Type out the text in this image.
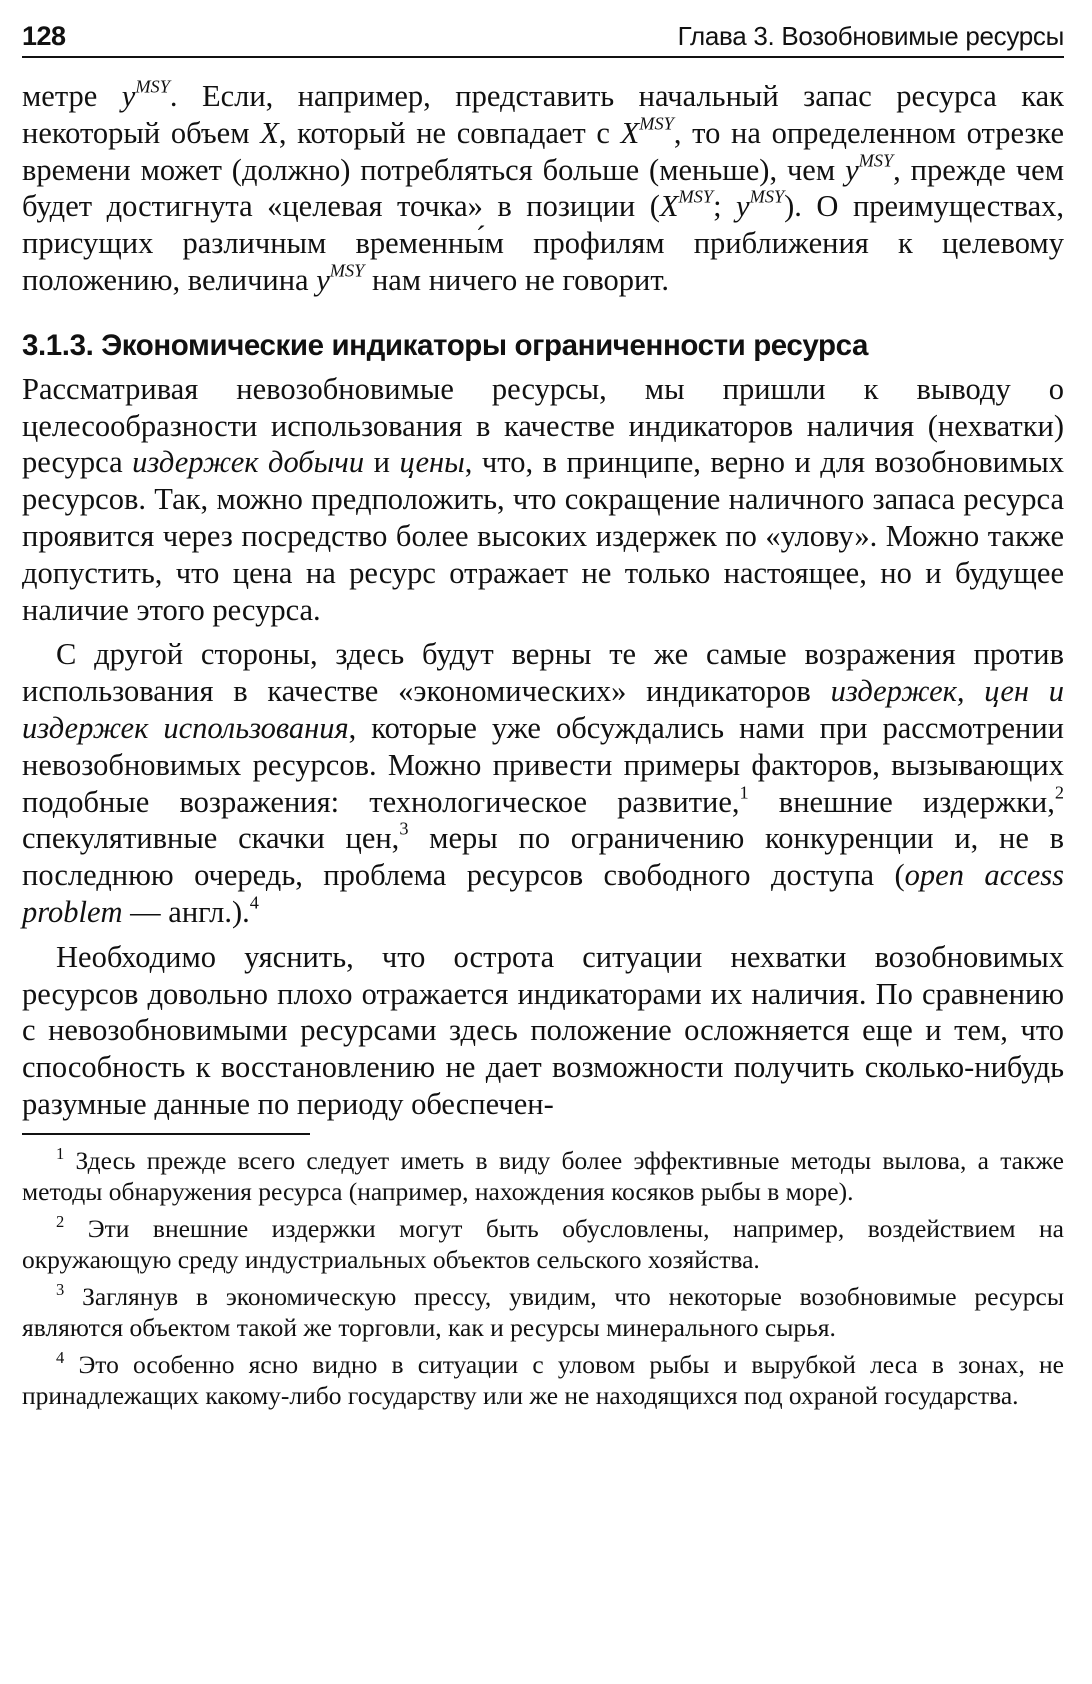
128	Глава 3. Возобновимые ресурсы

метре $y^{MSY}$. Если, например, представить начальный запас ресурса как некоторый объем X, который не совпадает с $X^{MSY}$, то на определенном отрезке времени может (должно) потребляться больше (меньше), чем $y^{MSY}$, прежде чем будет достигнута «целевая точка» в позиции ($X^{MSY}$; $y^{MSY}$). О преимуществах, присущих различным временны́м профилям приближения к целевому положению, величина $y^{MSY}$ нам ничего не говорит.

3.1.3. Экономические индикаторы ограниченности ресурса

Рассматривая невозобновимые ресурсы, мы пришли к выводу о целесообразности использования в качестве индикаторов наличия (нехватки) ресурса издержек добычи и цены, что, в принципе, верно и для возобновимых ресурсов. Так, можно предположить, что сокращение наличного запаса ресурса проявится через посредство более высоких издержек по «улову». Можно также допустить, что цена на ресурс отражает не только настоящее, но и будущее наличие этого ресурса.

С другой стороны, здесь будут верны те же самые возражения против использования в качестве «экономических» индикаторов издержек, цен и издержек использования, которые уже обсуждались нами при рассмотрении невозобновимых ресурсов. Можно привести примеры факторов, вызывающих подобные возражения: технологическое развитие,$^1$ внешние издержки,$^2$ спекулятивные скачки цен,$^3$ меры по ограничению конкуренции и, не в последнюю очередь, проблема ресурсов свободного доступа (open access problem — англ.).$^4$

Необходимо уяснить, что острота ситуации нехватки возобновимых ресурсов довольно плохо отражается индикаторами их наличия. По сравнению с невозобновимыми ресурсами здесь положение осложняется еще и тем, что способность к восстановлению не дает возможности получить сколько-нибудь разумные данные по периоду обеспечен-

$^1$ Здесь прежде всего следует иметь в виду более эффективные методы вылова, а также методы обнаружения ресурса (например, нахождения косяков рыбы в море).

$^2$ Эти внешние издержки могут быть обусловлены, например, воздействием на окружающую среду индустриальных объектов сельского хозяйства.

$^3$ Заглянув в экономическую прессу, увидим, что некоторые возобновимые ресурсы являются объектом такой же торговли, как и ресурсы минерального сырья.

$^4$ Это особенно ясно видно в ситуации с уловом рыбы и вырубкой леса в зонах, не принадлежащих какому-либо государству или же не находящихся под охраной государства.
